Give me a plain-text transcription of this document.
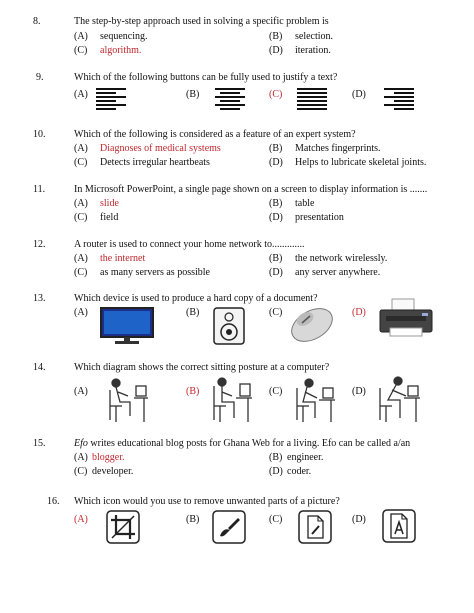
8.	The step-by-step approach used in solving a specific problem is
(A) sequencing.	(B) selection.
(C) algorithm.	(D) iteration.
9.	Which of the following buttons can be fully used to justify a text?
(A)	(B)	(C)	(D)
10.	Which of the following is considered as a feature of an expert system?
(A) Diagnoses of medical systems	(B) Matches fingerprints.
(C) Detects irregular heartbeats	(D) Helps to lubricate skeletal joints.
11.	In Microsoft PowerPoint, a single page shown on a screen to display information is .......
(A) slide	(B) table
(C) field	(D) presentation
12.	A router is used to connect your home network to.............
(A) the internet	(B) the network wirelessly.
(C) as many servers as possible	(D) any server anywhere.
13.	Which device is used to produce a hard copy of a document?
(A)	(B)	(C)	(D)
14.	Which diagram shows the correct sitting posture at a computer?
(A)	(B)	(C)	(D)
15.	Efo writes educational blog posts for Ghana Web for a living. Efo can be called a/an
(A) blogger.	(B) engineer.
(C) developer.	(D) coder.
16. Which icon would you use to remove unwanted parts of a picture?
(A)	(B)	(C)	(D)
